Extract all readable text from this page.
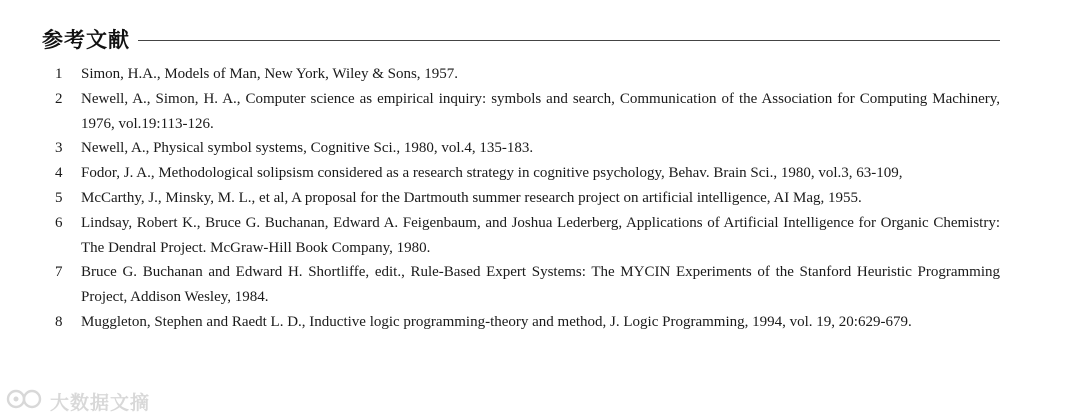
参考文献
1	Simon, H.A., Models of Man, New York, Wiley & Sons, 1957.
2	Newell, A., Simon, H. A., Computer science as empirical inquiry: symbols and search, Communication of the Association for Computing Machinery, 1976, vol.19:113-126.
3	Newell, A., Physical symbol systems, Cognitive Sci., 1980, vol.4, 135-183.
4	Fodor, J. A., Methodological solipsism considered as a research strategy in cognitive psychology, Behav. Brain Sci., 1980, vol.3, 63-109,
5	McCarthy, J., Minsky, M. L., et al, A proposal for the Dartmouth summer research project on artificial intelligence, AI Mag, 1955.
6	Lindsay, Robert K., Bruce G. Buchanan, Edward A. Feigenbaum, and Joshua Lederberg, Applications of Artificial Intelligence for Organic Chemistry: The Dendral Project. McGraw-Hill Book Company, 1980.
7	Bruce G. Buchanan and Edward H. Shortliffe, edit., Rule-Based Expert Systems: The MYCIN Experiments of the Stanford Heuristic Programming Project, Addison Wesley, 1984.
8	Muggleton, Stephen and Raedt L. D., Inductive logic programming-theory and method, J. Logic Programming, 1994, vol. 19, 20:629-679.
大数据文摘
